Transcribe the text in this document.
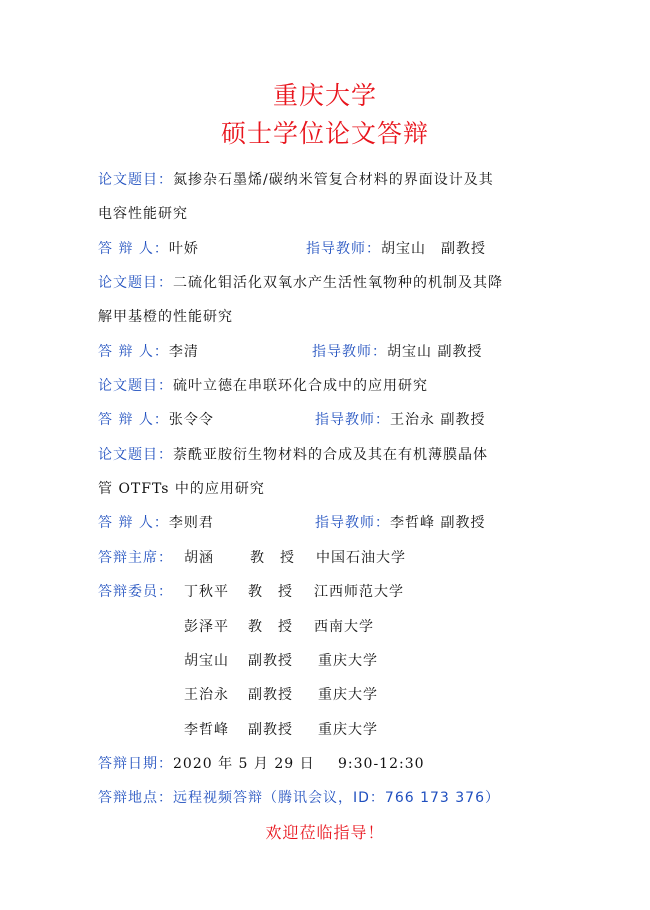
重庆大学
硕士学位论文答辩
论文题目：氮掺杂石墨烯/碳纳米管复合材料的界面设计及其
电容性能研究
答 辩 人：叶娇	指导教师：胡宝山　副教授
论文题目：二硫化钼活化双氧水产生活性氧物种的机制及其降
解甲基橙的性能研究
答 辩 人：李清	指导教师：胡宝山 副教授
论文题目：硫叶立德在串联环化合成中的应用研究
答 辩 人：张令令	指导教师：王治永 副教授
论文题目：萘酰亚胺衍生物材料的合成及其在有机薄膜晶体
管 OTFTs 中的应用研究
答 辩 人：李则君	指导教师：李哲峰 副教授
答辩主席： 胡涵	教　授 中国石油大学
答辩委员： 丁秋平 教　授 江西师范大学
彭泽平 教　授 西南大学
胡宝山 副教授 重庆大学
王治永 副教授 重庆大学
李哲峰 副教授 重庆大学
答辩日期：2020 年 5 月 29 日 9:30-12:30
答辩地点：远程视频答辩（腾讯会议，ID：766 173 376）
欢迎莅临指导！
